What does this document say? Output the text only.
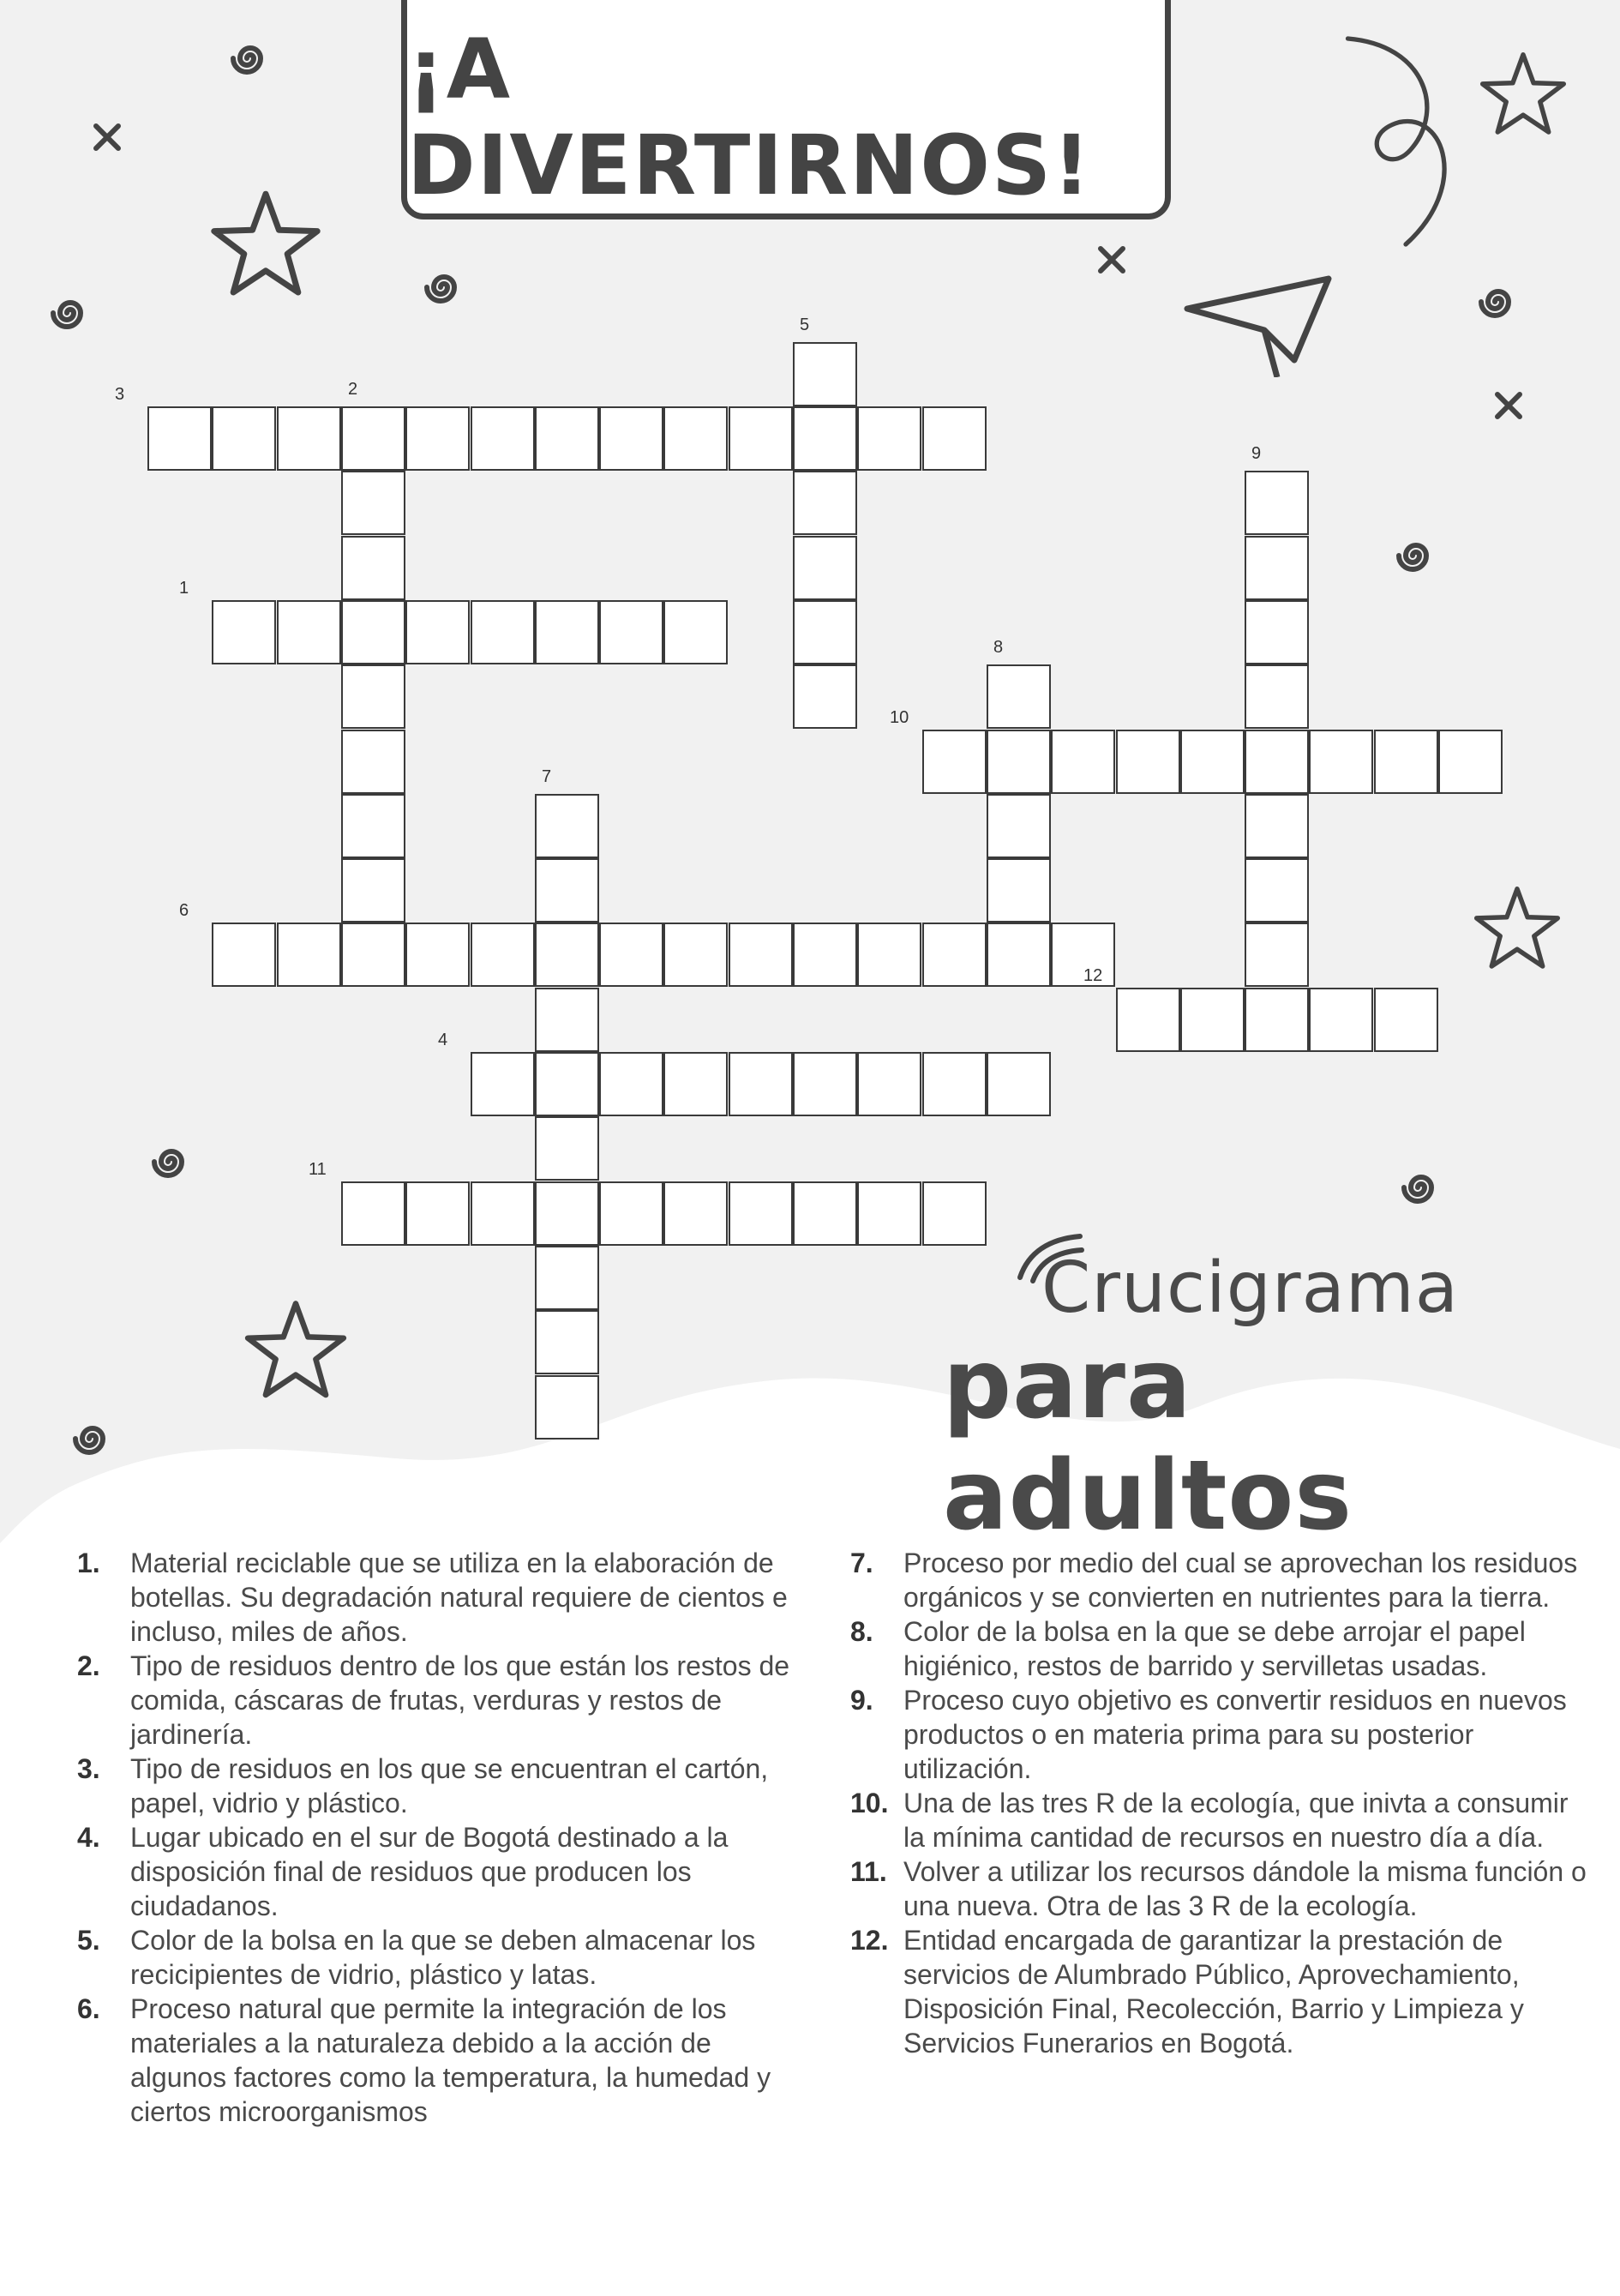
¡A DIVERTIRNOS!
1
2
3
4
5
6
7
8
9
10
11
12
Crucigrama
para adultos

1. Material reciclable que se utiliza en la elaboración de botellas. Su degradación natural requiere de cientos e incluso, miles de años.

2. Tipo de residuos dentro de los que están los restos de comida, cáscaras de frutas, verduras y restos de jardinería.

3. Tipo de residuos en los que se encuentran el cartón, papel, vidrio y plástico.

4. Lugar ubicado en el sur de Bogotá destinado a la disposición final de residuos que producen los ciudadanos.

5. Color de la bolsa en la que se deben almacenar los recicipientes de vidrio, plástico y latas.

6. Proceso natural que permite la integración de los materiales a la naturaleza debido a la acción de algunos factores como la temperatura, la humedad y ciertos microorganismos

7. Proceso por medio del cual se aprovechan los residuos orgánicos y se convierten en nutrientes para la tierra.

8. Color de la bolsa en la que se debe arrojar el papel higiénico, restos de barrido y servilletas usadas.

9. Proceso cuyo objetivo es convertir residuos en nuevos productos o en materia prima para su posterior utilización.

10. Una de las tres R de la ecología, que inivta a consumir la mínima cantidad de recursos en nuestro día a día.

11. Volver a utilizar los recursos dándole la misma función o una nueva. Otra de las 3 R de la ecología.

12. Entidad encargada de garantizar la prestación de servicios de Alumbrado Público, Aprovechamiento, Disposición Final, Recolección, Barrio y Limpieza y Servicios Funerarios en Bogotá.
